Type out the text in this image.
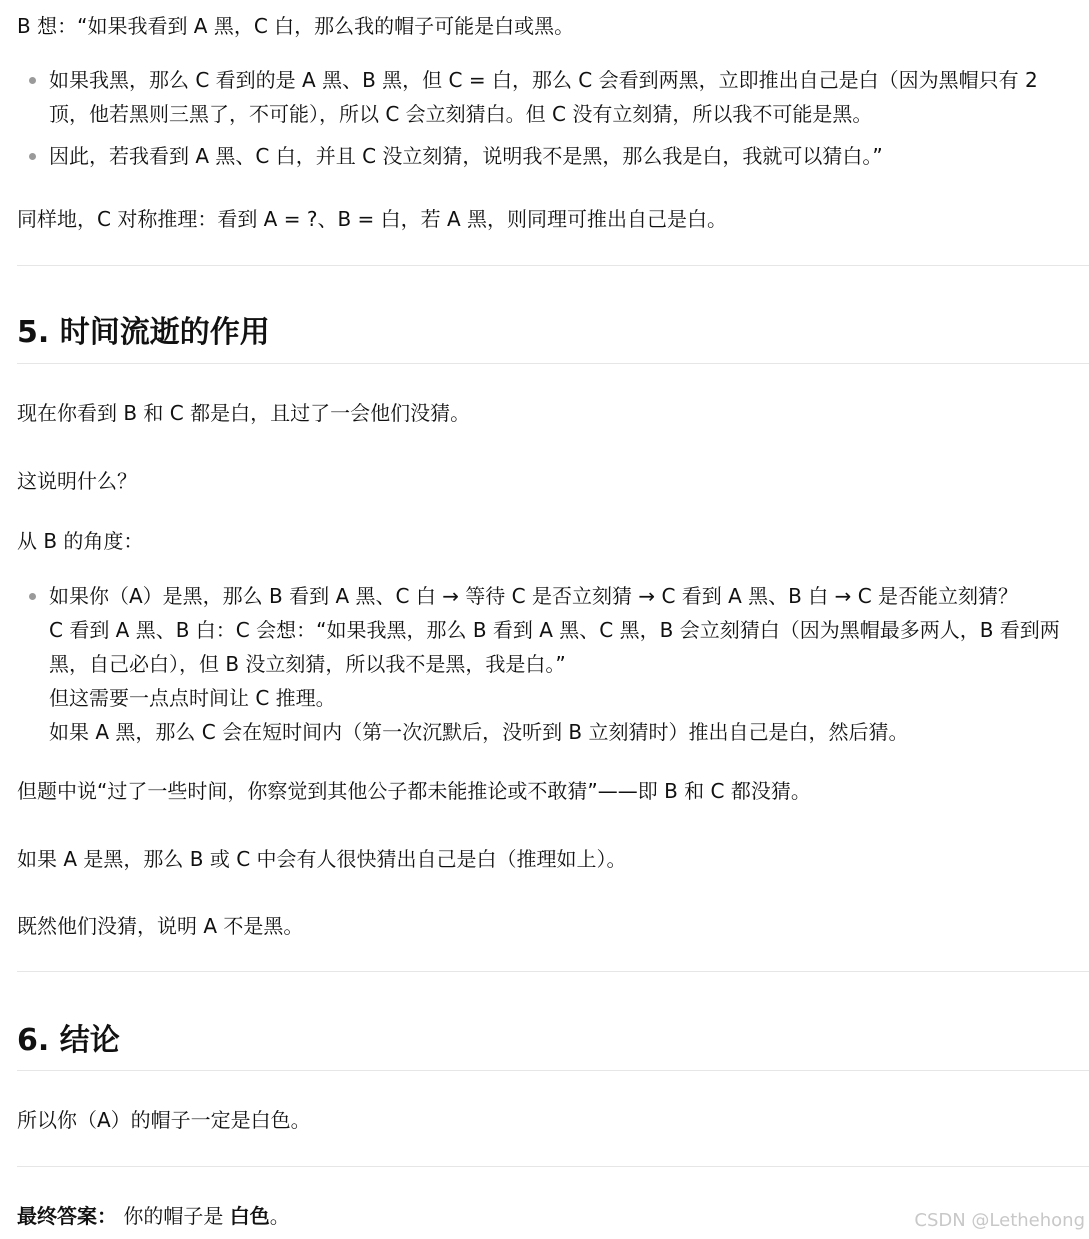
B 想：“如果我看到 A 黑，C 白，那么我的帽子可能是白或黑。
如果我黑，那么 C 看到的是 A 黑、B 黑，但 C = 白，那么 C 会看到两黑，立即推出自己是白（因为黑帽只有 2
顶，他若黑则三黑了，不可能），所以 C 会立刻猜白。但 C 没有立刻猜，所以我不可能是黑。
因此，若我看到 A 黑、C 白，并且 C 没立刻猜，说明我不是黑，那么我是白，我就可以猜白。”
同样地，C 对称推理：看到 A = ?、B = 白，若 A 黑，则同理可推出自己是白。
5. 时间流逝的作用
现在你看到 B 和 C 都是白，且过了一会他们没猜。
这说明什么？
从 B 的角度：
如果你（A）是黑，那么 B 看到 A 黑、C 白 → 等待 C 是否立刻猜 → C 看到 A 黑、B 白 → C 是否能立刻猜？
C 看到 A 黑、B 白：C 会想：“如果我黑，那么 B 看到 A 黑、C 黑，B 会立刻猜白（因为黑帽最多两人，B 看到两
黑，自己必白），但 B 没立刻猜，所以我不是黑，我是白。”
但这需要一点点时间让 C 推理。
如果 A 黑，那么 C 会在短时间内（第一次沉默后，没听到 B 立刻猜时）推出自己是白，然后猜。
但题中说“过了一些时间，你察觉到其他公子都未能推论或不敢猜”——即 B 和 C 都没猜。
如果 A 是黑，那么 B 或 C 中会有人很快猜出自己是白（推理如上）。
既然他们没猜，说明 A 不是黑。
6. 结论
所以你（A）的帽子一定是白色。
最终答案： 你的帽子是 白色。	CSDN @Lethehong
